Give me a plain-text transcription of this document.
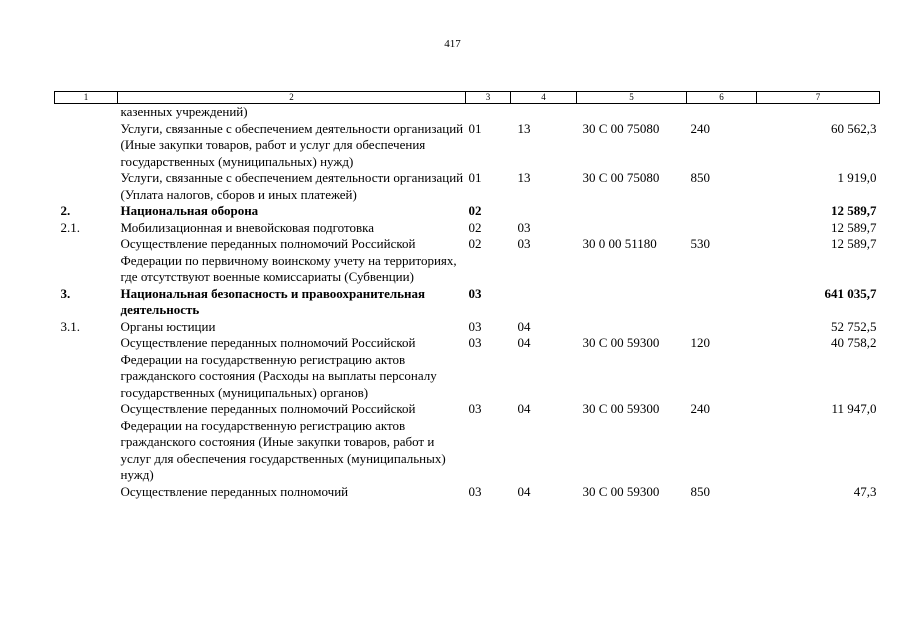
417
1	2	3	4	5	6	7
	казенных учреждений)					
	Услуги, связанные с обеспечением деятельности организаций (Иные закупки товаров, работ и услуг для обеспечения государственных (муниципальных) нужд)	01	13	30 С 00 75080	240	60 562,3
	Услуги, связанные с обеспечением деятельности организаций (Уплата налогов, сборов и иных платежей)	01	13	30 С 00 75080	850	1 919,0
2.	Национальная оборона	02				12 589,7
2.1.	Мобилизационная и вневойсковая подготовка	02	03			12 589,7
	Осуществление переданных полномочий Российской Федерации по первичному воинскому учету на территориях, где отсутствуют военные комиссариаты (Субвенции)	02	03	30 0 00 51180	530	12 589,7
3.	Национальная безопасность и правоохранительная деятельность	03				641 035,7
3.1.	Органы юстиции	03	04			52 752,5
	Осуществление переданных полномочий Российской Федерации на государственную регистрацию актов гражданского состояния (Расходы на выплаты персоналу государственных (муниципальных) органов)	03	04	30 С 00 59300	120	40 758,2
	Осуществление переданных полномочий Российской Федерации на государственную регистрацию актов гражданского состояния (Иные закупки товаров, работ и услуг для обеспечения государственных (муниципальных) нужд)	03	04	30 С 00 59300	240	11 947,0
	Осуществление переданных полномочий	03	04	30 С 00 59300	850	47,3
